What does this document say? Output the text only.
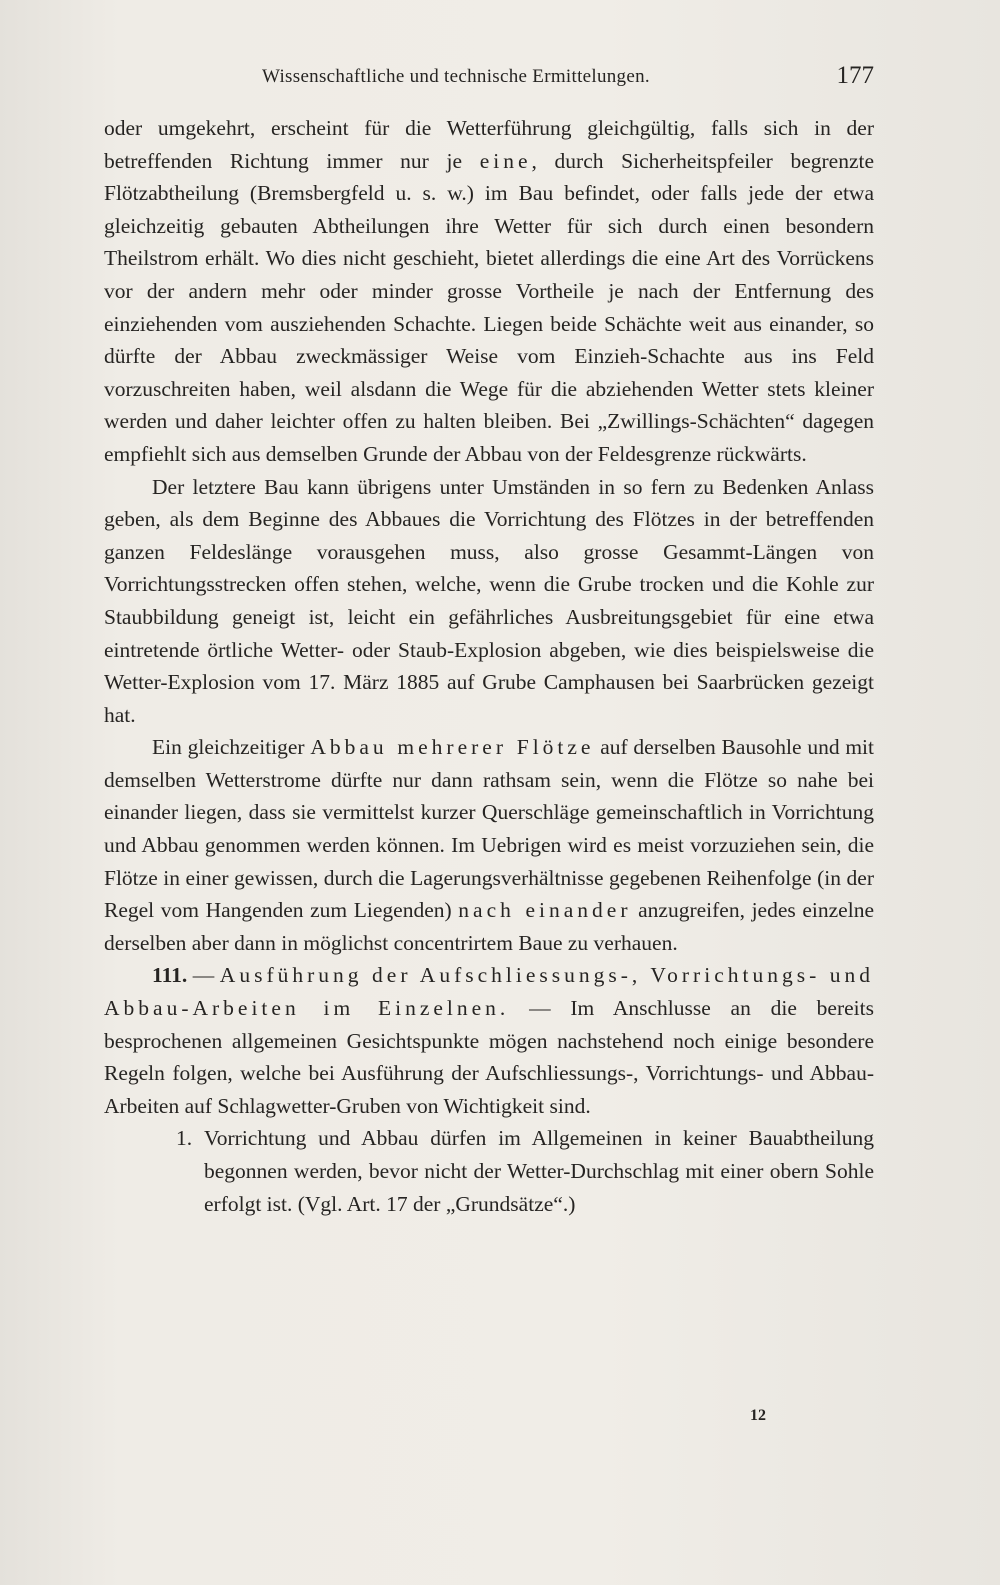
Wissenschaftliche und technische Ermittelungen.	177

oder umgekehrt, erscheint für die Wetterführung gleichgültig, falls sich in der betreffenden Richtung immer nur je eine, durch Sicherheitspfeiler begrenzte Flötzabtheilung (Bremsbergfeld u. s. w.) im Bau befindet, oder falls jede der etwa gleichzeitig gebauten Abtheilungen ihre Wetter für sich durch einen besondern Theilstrom erhält. Wo dies nicht geschieht, bietet allerdings die eine Art des Vorrückens vor der andern mehr oder minder grosse Vortheile je nach der Entfernung des einziehenden vom ausziehenden Schachte. Liegen beide Schächte weit aus einander, so dürfte der Abbau zweckmässiger Weise vom Einzieh-Schachte aus ins Feld vorzuschreiten haben, weil alsdann die Wege für die abziehenden Wetter stets kleiner werden und daher leichter offen zu halten bleiben. Bei „Zwillings-Schächten“ dagegen empfiehlt sich aus demselben Grunde der Abbau von der Feldesgrenze rückwärts.

Der letztere Bau kann übrigens unter Umständen in so fern zu Bedenken Anlass geben, als dem Beginne des Abbaues die Vorrichtung des Flötzes in der betreffenden ganzen Feldeslänge vorausgehen muss, also grosse Gesammt-Längen von Vorrichtungsstrecken offen stehen, welche, wenn die Grube trocken und die Kohle zur Staubbildung geneigt ist, leicht ein gefährliches Ausbreitungsgebiet für eine etwa eintretende örtliche Wetter- oder Staub-Explosion abgeben, wie dies beispielsweise die Wetter-Explosion vom 17. März 1885 auf Grube Camphausen bei Saarbrücken gezeigt hat.

Ein gleichzeitiger Abbau mehrerer Flötze auf derselben Bausohle und mit demselben Wetterstrome dürfte nur dann rathsam sein, wenn die Flötze so nahe bei einander liegen, dass sie vermittelst kurzer Querschläge gemeinschaftlich in Vorrichtung und Abbau genommen werden können. Im Uebrigen wird es meist vorzuziehen sein, die Flötze in einer gewissen, durch die Lagerungsverhältnisse gegebenen Reihenfolge (in der Regel vom Hangenden zum Liegenden) nach einander anzugreifen, jedes einzelne derselben aber dann in möglichst concentrirtem Baue zu verhauen.

111. — Ausführung der Aufschliessungs-, Vorrichtungs- und Abbau-Arbeiten im Einzelnen. — Im Anschlusse an die bereits besprochenen allgemeinen Gesichtspunkte mögen nachstehend noch einige besondere Regeln folgen, welche bei Ausführung der Aufschliessungs-, Vorrichtungs- und Abbau-Arbeiten auf Schlagwetter-Gruben von Wichtigkeit sind.

1. Vorrichtung und Abbau dürfen im Allgemeinen in keiner Bauabtheilung begonnen werden, bevor nicht der Wetter-Durchschlag mit einer obern Sohle erfolgt ist. (Vgl. Art. 17 der „Grundsätze“.)
12
